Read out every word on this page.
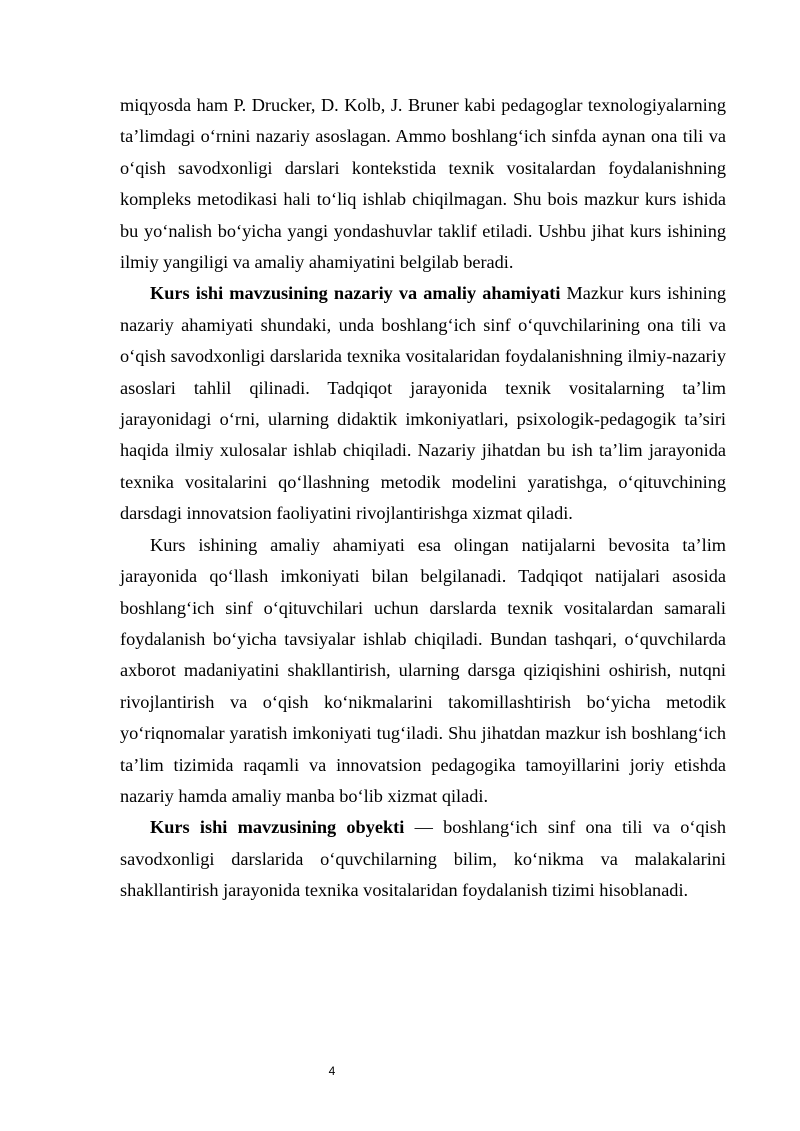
miqyosda ham P. Drucker, D. Kolb, J. Bruner kabi pedagoglar texnologiyalarning ta’limdagi o‘rnini nazariy asoslagan. Ammo boshlang‘ich sinfda aynan ona tili va o‘qish savodxonligi darslari kontekstida texnik vositalardan foydalanishning kompleks metodikasi hali to‘liq ishlab chiqilmagan. Shu bois mazkur kurs ishida bu yo‘nalish bo‘yicha yangi yondashuvlar taklif etiladi. Ushbu jihat kurs ishining ilmiy yangiligi va amaliy ahamiyatini belgilab beradi.

Kurs ishi mavzusining nazariy va amaliy ahamiyati Mazkur kurs ishining nazariy ahamiyati shundaki, unda boshlang‘ich sinf o‘quvchilarining ona tili va o‘qish savodxonligi darslarida texnika vositalaridan foydalanishning ilmiy-nazariy asoslari tahlil qilinadi. Tadqiqot jarayonida texnik vositalarning ta’lim jarayonidagi o‘rni, ularning didaktik imkoniyatlari, psixologik-pedagogik ta’siri haqida ilmiy xulosalar ishlab chiqiladi. Nazariy jihatdan bu ish ta’lim jarayonida texnika vositalarini qo‘llashning metodik modelini yaratishga, o‘qituvchining darsdagi innovatsion faoliyatini rivojlantirishga xizmat qiladi.

Kurs ishining amaliy ahamiyati esa olingan natijalarni bevosita ta’lim jarayonida qo‘llash imkoniyati bilan belgilanadi. Tadqiqot natijalari asosida boshlang‘ich sinf o‘qituvchilari uchun darslarda texnik vositalardan samarali foydalanish bo‘yicha tavsiyalar ishlab chiqiladi. Bundan tashqari, o‘quvchilarda axborot madaniyatini shakllantirish, ularning darsga qiziqishini oshirish, nutqni rivojlantirish va o‘qish ko‘nikmalarini takomillashtirish bo‘yicha metodik yo‘riqnomalar yaratish imkoniyati tug‘iladi. Shu jihatdan mazkur ish boshlang‘ich ta’lim tizimida raqamli va innovatsion pedagogika tamoyillarini joriy etishda nazariy hamda amaliy manba bo‘lib xizmat qiladi.

Kurs ishi mavzusining obyekti — boshlang‘ich sinf ona tili va o‘qish savodxonligi darslarida o‘quvchilarning bilim, ko‘nikma va malakalarini shakllantirish jarayonida texnika vositalaridan foydalanish tizimi hisoblanadi.

4
